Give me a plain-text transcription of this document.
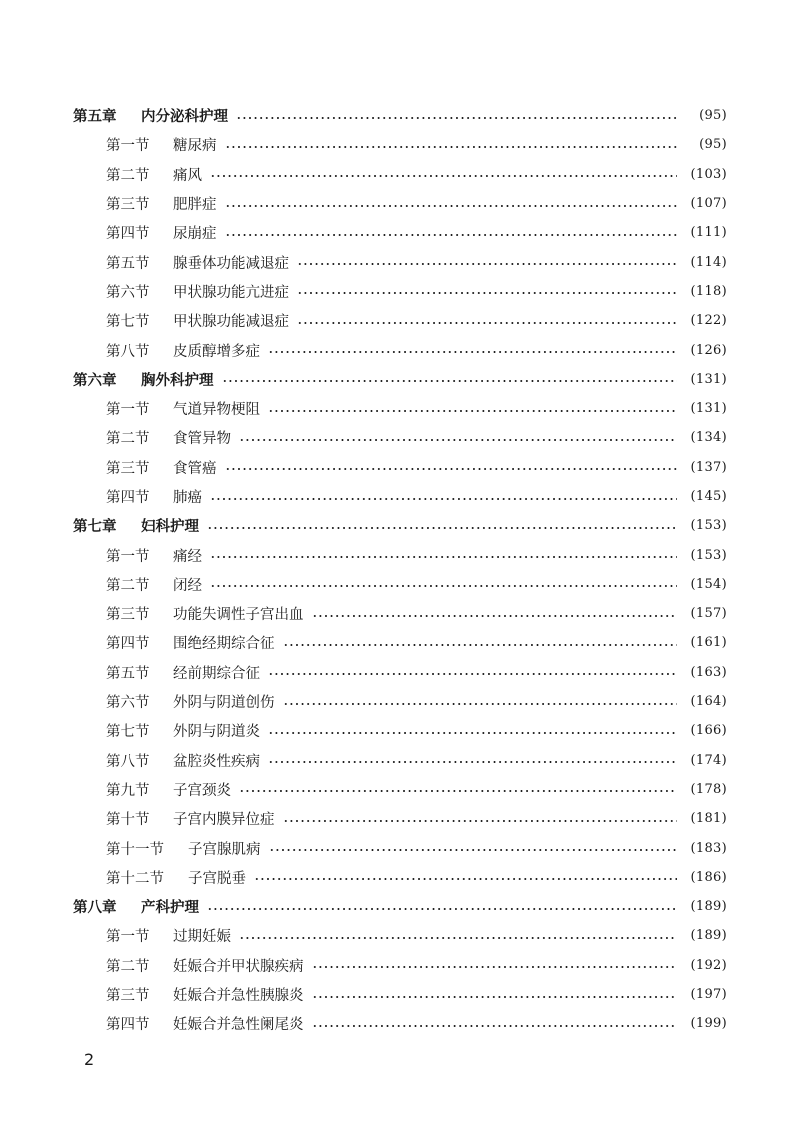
第五章	内分泌科护理	(95)
第一节	糖尿病	(95)
第二节	痛风	(103)
第三节	肥胖症	(107)
第四节	尿崩症	(111)
第五节	腺垂体功能减退症	(114)
第六节	甲状腺功能亢进症	(118)
第七节	甲状腺功能减退症	(122)
第八节	皮质醇增多症	(126)
第六章	胸外科护理	(131)
第一节	气道异物梗阻	(131)
第二节	食管异物	(134)
第三节	食管癌	(137)
第四节	肺癌	(145)
第七章	妇科护理	(153)
第一节	痛经	(153)
第二节	闭经	(154)
第三节	功能失调性子宫出血	(157)
第四节	围绝经期综合征	(161)
第五节	经前期综合征	(163)
第六节	外阴与阴道创伤	(164)
第七节	外阴与阴道炎	(166)
第八节	盆腔炎性疾病	(174)
第九节	子宫颈炎	(178)
第十节	子宫内膜异位症	(181)
第十一节	子宫腺肌病	(183)
第十二节	子宫脱垂	(186)
第八章	产科护理	(189)
第一节	过期妊娠	(189)
第二节	妊娠合并甲状腺疾病	(192)
第三节	妊娠合并急性胰腺炎	(197)
第四节	妊娠合并急性阑尾炎	(199)
2
